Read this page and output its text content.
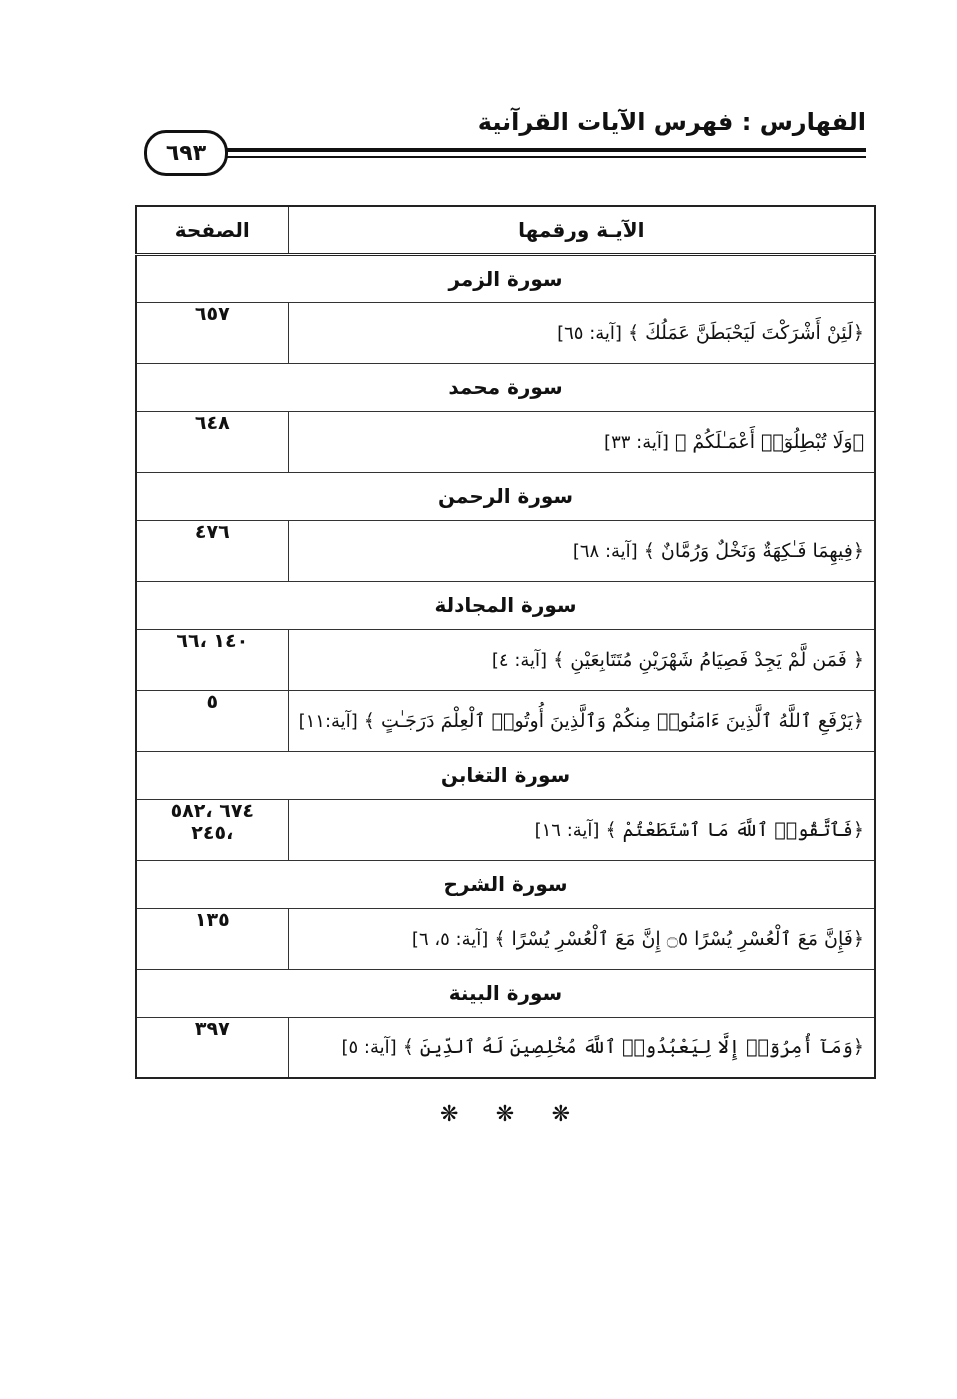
الفهارس : فهرس الآيات القرآنية
٦٩٣
الآيـة ورقمها	الصفحة
سورة الزمر	
﴿لَئِنْ أَشْرَكْتَ لَيَحْبَطَنَّ عَمَلُكَ ﴾ [آية: ٦٥]	٦٥٧
سورة محمد	
﴿وَلَا تُبْطِلُوٓا۟ أَعْمَـٰلَكُمْ ﴾ [آية: ٣٣]	٦٤٨
سورة الرحمن	
﴿فِيهِمَا فَـٰكِهَةٌ وَنَخْلٌ وَرُمَّانٌ ﴾ [آية: ٦٨]	٤٧٦
سورة المجادلة	
﴿ فَمَن لَّمْ يَجِدْ فَصِيَامُ شَهْرَيْنِ مُتَتَابِعَيْنِ ﴾ [آية: ٤]	١٤٠ ،٦٦
﴿يَرْفَعِ ٱللَّهُ ٱلَّذِينَ ءَامَنُوا۟ مِنكُمْ وَٱلَّذِينَ أُوتُوا۟ ٱلْعِلْمَ دَرَجَـٰتٍ ﴾ [آية:١١]	٥
سورة التغابن	
﴿فَٱتَّقُوا۟ ٱللَّهَ مَا ٱسْتَطَعْتُمْ ﴾ [آية: ١٦]	٦٧٤ ،٥٨٢ ،٢٤٥
سورة الشرح	
﴿فَإِنَّ مَعَ ٱلْعُسْرِ يُسْرًا ۝٥ إِنَّ مَعَ ٱلْعُسْرِ يُسْرًا ﴾ [آية: ٥، ٦]	١٣٥
سورة البينة	
﴿وَمَآ أُمِرُوٓا۟ إِلَّا لِيَعْبُدُوا۟ ٱللَّهَ مُخْلِصِينَ لَهُ ٱلدِّينَ ﴾ [آية: ٥]	٣٩٧
❋
❋
❋
